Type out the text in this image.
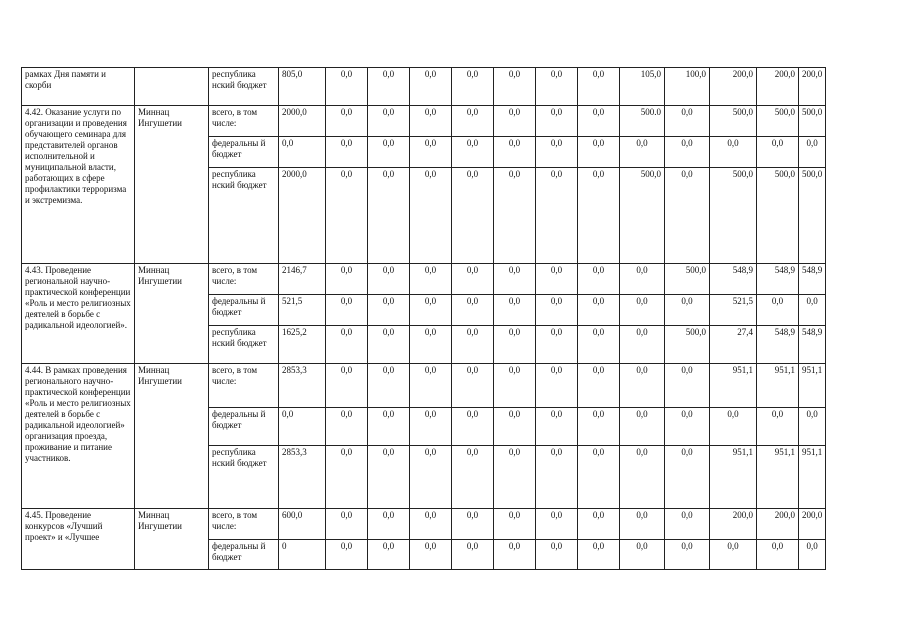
рамках Дня памяти и скорби		республика нский бюджет	805,0	0,0	0,0	0,0	0,0	0,0	0,0	0,0	105,0	100,0	200,0	200,0	200,0
4.42. Оказание услуги по организации и проведения обучающего семинара для представителей органов исполнительной и муниципальной власти, работающих в сфере профилактики терроризма и экстремизма.	Миннац Ингушетии	всего, в том числе:	2000,0	0,0	0,0	0,0	0,0	0,0	0,0	0,0	500.0	0,0	500,0	500,0	500,0
		федеральны й бюджет	0,0	0,0	0,0	0,0	0,0	0,0	0,0	0,0	0,0	0,0	0,0	0,0	0,0
		республика нский бюджет	2000,0	0,0	0,0	0,0	0,0	0,0	0,0	0,0	500,0	0,0	500,0	500,0	500,0
4.43. Проведение региональной научно-практической конференции «Роль и место религиозных деятелей в борьбе с радикальной идеологией».	Миннац Ингушетии	всего, в том числе:	2146,7	0,0	0,0	0,0	0,0	0,0	0,0	0,0	0,0	500,0	548,9	548,9	548,9
		федеральны й бюджет	521,5	0,0	0,0	0,0	0,0	0,0	0,0	0,0	0,0	0,0	521,5	0,0	0,0
		республика нский бюджет	1625,2	0,0	0,0	0,0	0,0	0,0	0,0	0,0	0,0	500,0	27,4	548,9	548,9
4.44. В рамках проведения регионального научно-практической конференции «Роль и место религиозных деятелей в борьбе с радикальной идеологией» организация проезда, проживание и питание участников.	Миннац Ингушетии	всего, в том числе:	2853,3	0,0	0,0	0,0	0,0	0,0	0,0	0,0	0,0	0,0	951,1	951,1	951,1
		федеральны й бюджет	0,0	0,0	0,0	0,0	0,0	0,0	0,0	0,0	0,0	0,0	0,0	0,0	0,0
		республика нский бюджет	2853,3	0,0	0,0	0,0	0,0	0,0	0,0	0,0	0,0	0,0	951,1	951,1	951,1
4.45. Проведение конкурсов «Лучший проект» и «Лучшее	Миннац Ингушетии	всего, в том числе:	600,0	0,0	0,0	0,0	0,0	0,0	0,0	0,0	0,0	0,0	200,0	200,0	200,0
		федеральны й бюджет	0	0,0	0,0	0,0	0,0	0,0	0,0	0,0	0,0	0,0	0,0	0,0	0,0
